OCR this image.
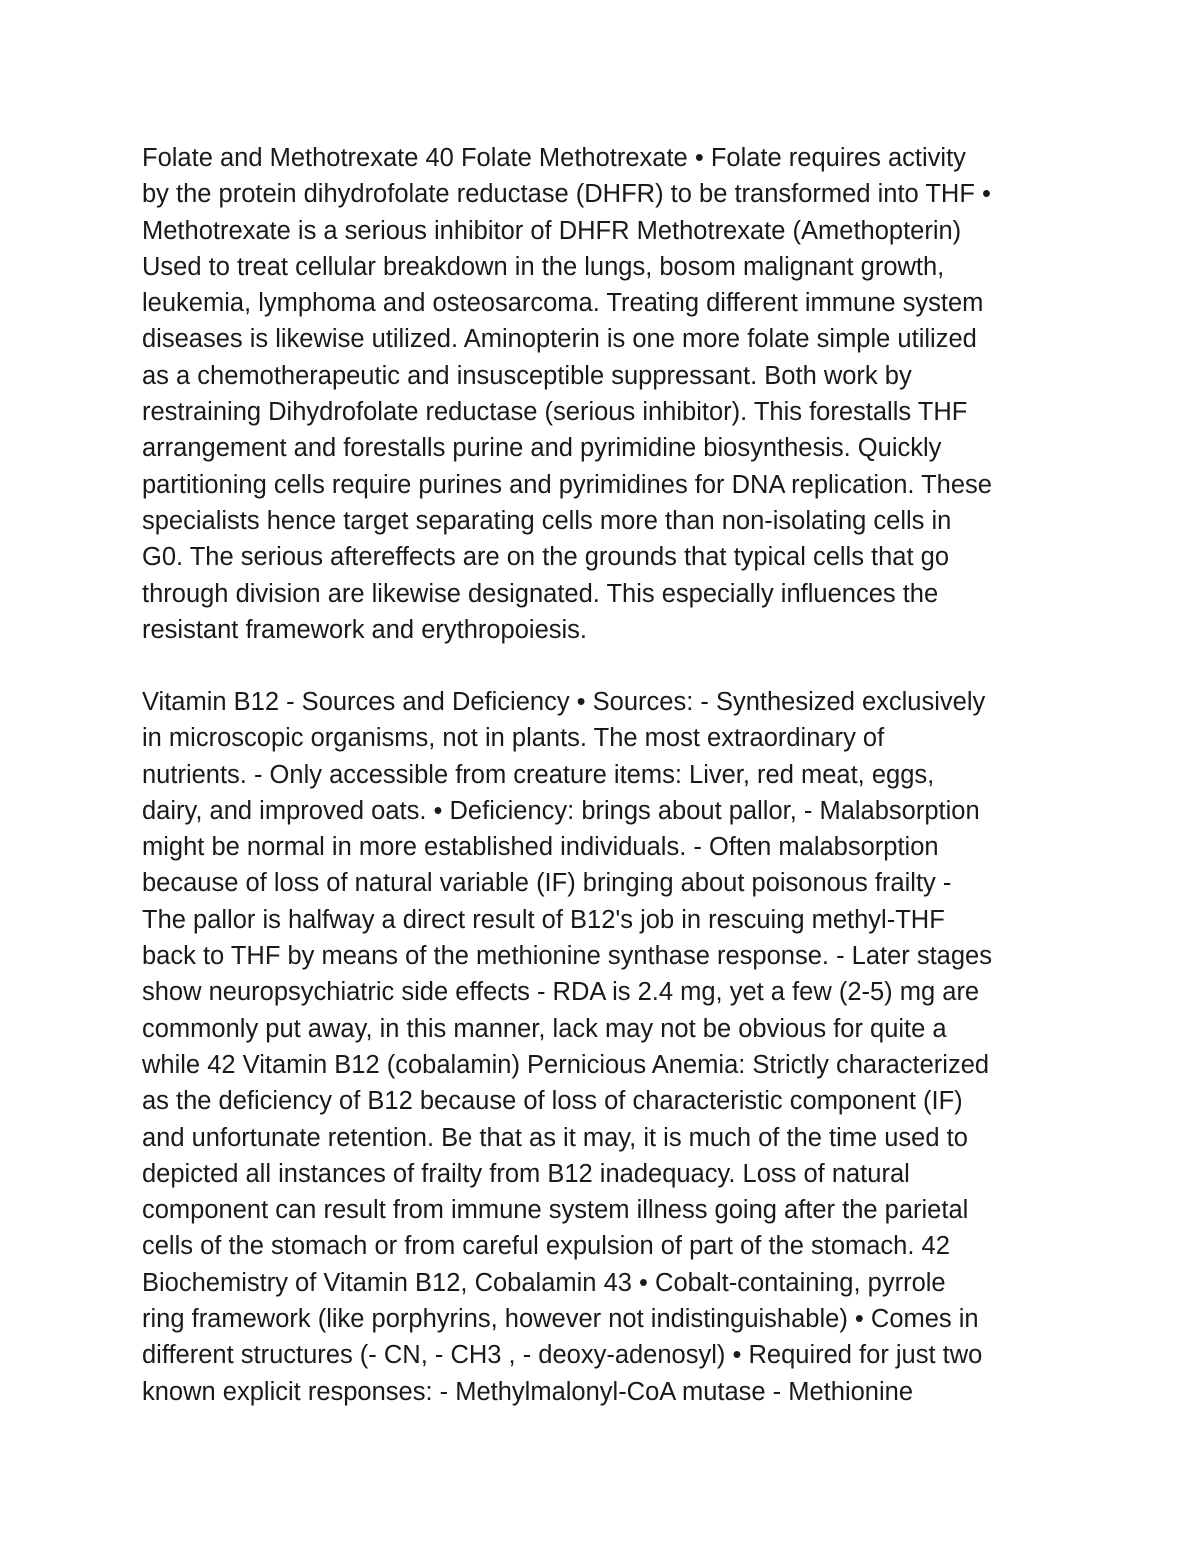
Folate and Methotrexate 40 Folate Methotrexate • Folate requires activity
by the protein dihydrofolate reductase (DHFR) to be transformed into THF •
Methotrexate is a serious inhibitor of DHFR Methotrexate (Amethopterin)
Used to treat cellular breakdown in the lungs, bosom malignant growth,
leukemia, lymphoma and osteosarcoma. Treating different immune system
diseases is likewise utilized. Aminopterin is one more folate simple utilized
as a chemotherapeutic and insusceptible suppressant. Both work by
restraining Dihydrofolate reductase (serious inhibitor). This forestalls THF
arrangement and forestalls purine and pyrimidine biosynthesis. Quickly
partitioning cells require purines and pyrimidines for DNA replication. These
specialists hence target separating cells more than non-isolating cells in
G0. The serious aftereffects are on the grounds that typical cells that go
through division are likewise designated. This especially influences the
resistant framework and erythropoiesis.
Vitamin B12 - Sources and Deficiency • Sources: - Synthesized exclusively
in microscopic organisms, not in plants. The most extraordinary of
nutrients. - Only accessible from creature items: Liver, red meat, eggs,
dairy, and improved oats. • Deficiency: brings about pallor, - Malabsorption
might be normal in more established individuals. - Often malabsorption
because of loss of natural variable (IF) bringing about poisonous frailty -
The pallor is halfway a direct result of B12's job in rescuing methyl-THF
back to THF by means of the methionine synthase response. - Later stages
show neuropsychiatric side effects - RDA is 2.4 mg, yet a few (2-5) mg are
commonly put away, in this manner, lack may not be obvious for quite a
while 42 Vitamin B12 (cobalamin) Pernicious Anemia: Strictly characterized
as the deficiency of B12 because of loss of characteristic component (IF)
and unfortunate retention. Be that as it may, it is much of the time used to
depicted all instances of frailty from B12 inadequacy. Loss of natural
component can result from immune system illness going after the parietal
cells of the stomach or from careful expulsion of part of the stomach. 42
Biochemistry of Vitamin B12, Cobalamin 43 • Cobalt-containing, pyrrole
ring framework (like porphyrins, however not indistinguishable) • Comes in
different structures (- CN, - CH3 , - deoxy-adenosyl) • Required for just two
known explicit responses: - Methylmalonyl-CoA mutase - Methionine
